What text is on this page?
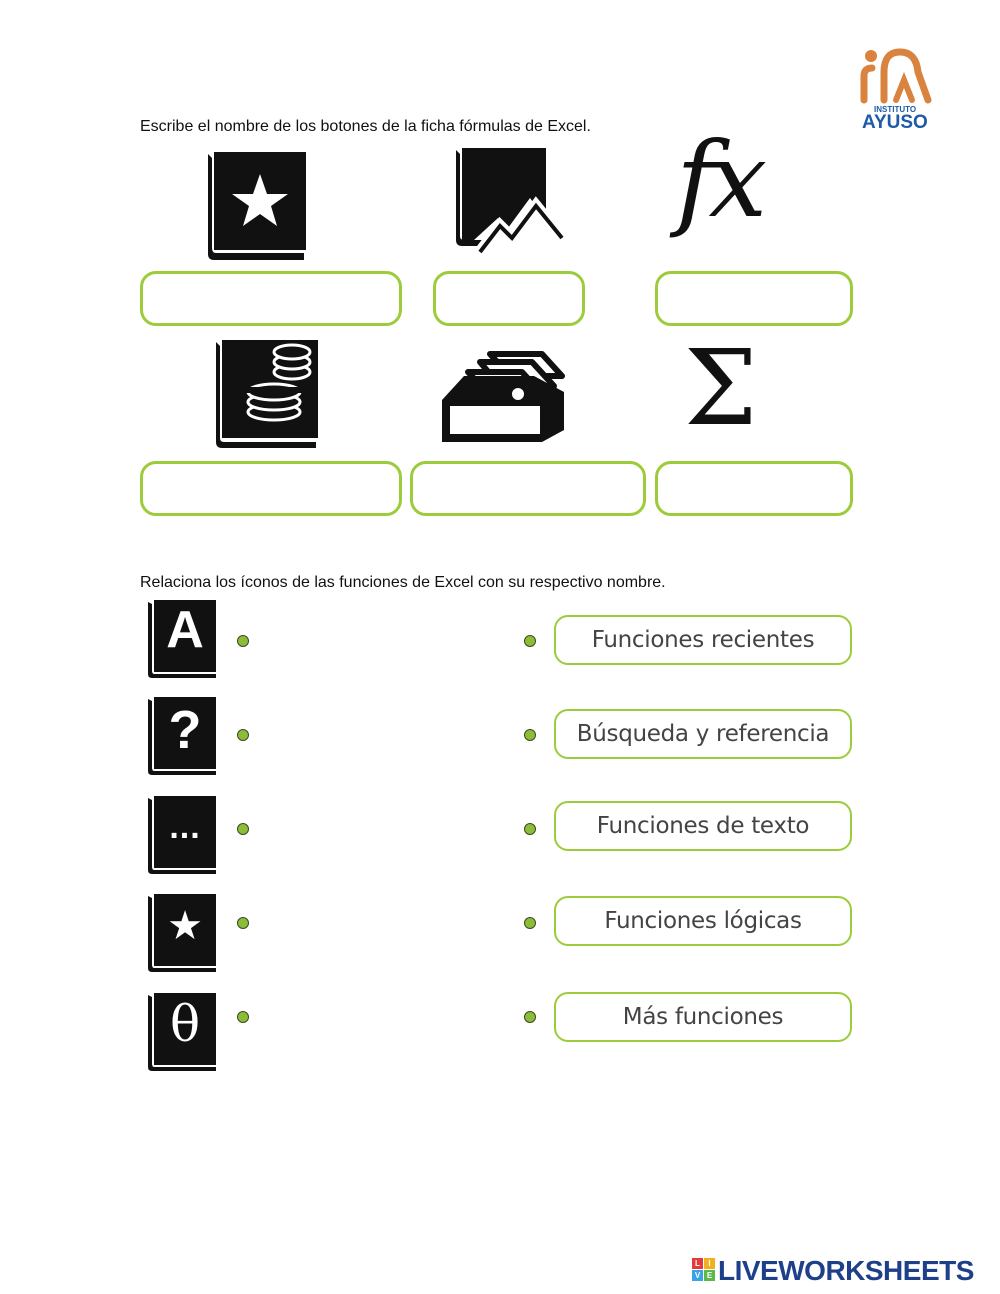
INSTITUTO
AYUSO
Escribe el nombre de los botones de la ficha fórmulas de Excel. fx
Σ
Relaciona los íconos de las funciones de Excel con su respectivo nombre.
A
?
...
★
θ
Funciones recientes
Búsqueda y referencia
Funciones de texto
Funciones lógicas
Más funciones
L	I
V E LIVEWORKSHEETS
